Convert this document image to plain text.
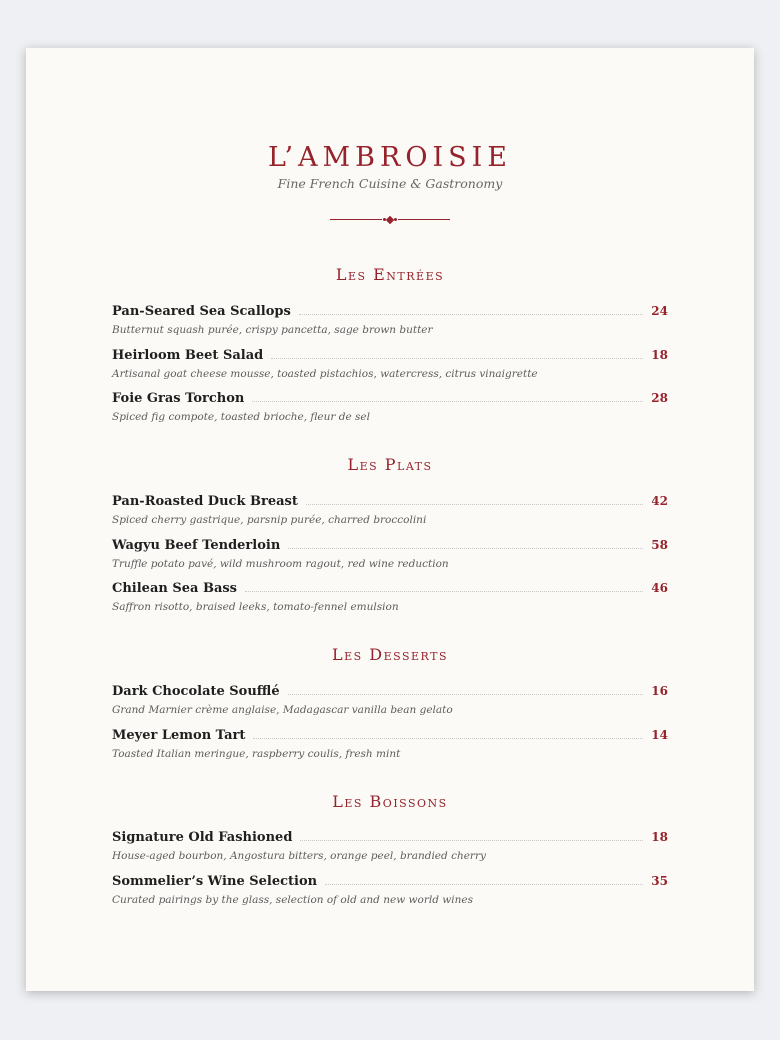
L’AMBROISIE
Fine French Cuisine & Gastronomy
Les Entrées
Pan-Seared Sea Scallops	24
Butternut squash purée, crispy pancetta, sage brown butter
Heirloom Beet Salad	18
Artisanal goat cheese mousse, toasted pistachios, watercress, citrus vinaigrette
Foie Gras Torchon	28
Spiced fig compote, toasted brioche, fleur de sel
Les Plats
Pan-Roasted Duck Breast	42
Spiced cherry gastrique, parsnip purée, charred broccolini
Wagyu Beef Tenderloin	58
Truffle potato pavé, wild mushroom ragout, red wine reduction
Chilean Sea Bass	46
Saffron risotto, braised leeks, tomato-fennel emulsion
Les Desserts
Dark Chocolate Soufflé	16
Grand Marnier crème anglaise, Madagascar vanilla bean gelato
Meyer Lemon Tart	14
Toasted Italian meringue, raspberry coulis, fresh mint
Les Boissons
Signature Old Fashioned	18
House-aged bourbon, Angostura bitters, orange peel, brandied cherry
Sommelier’s Wine Selection	35
Curated pairings by the glass, selection of old and new world wines
